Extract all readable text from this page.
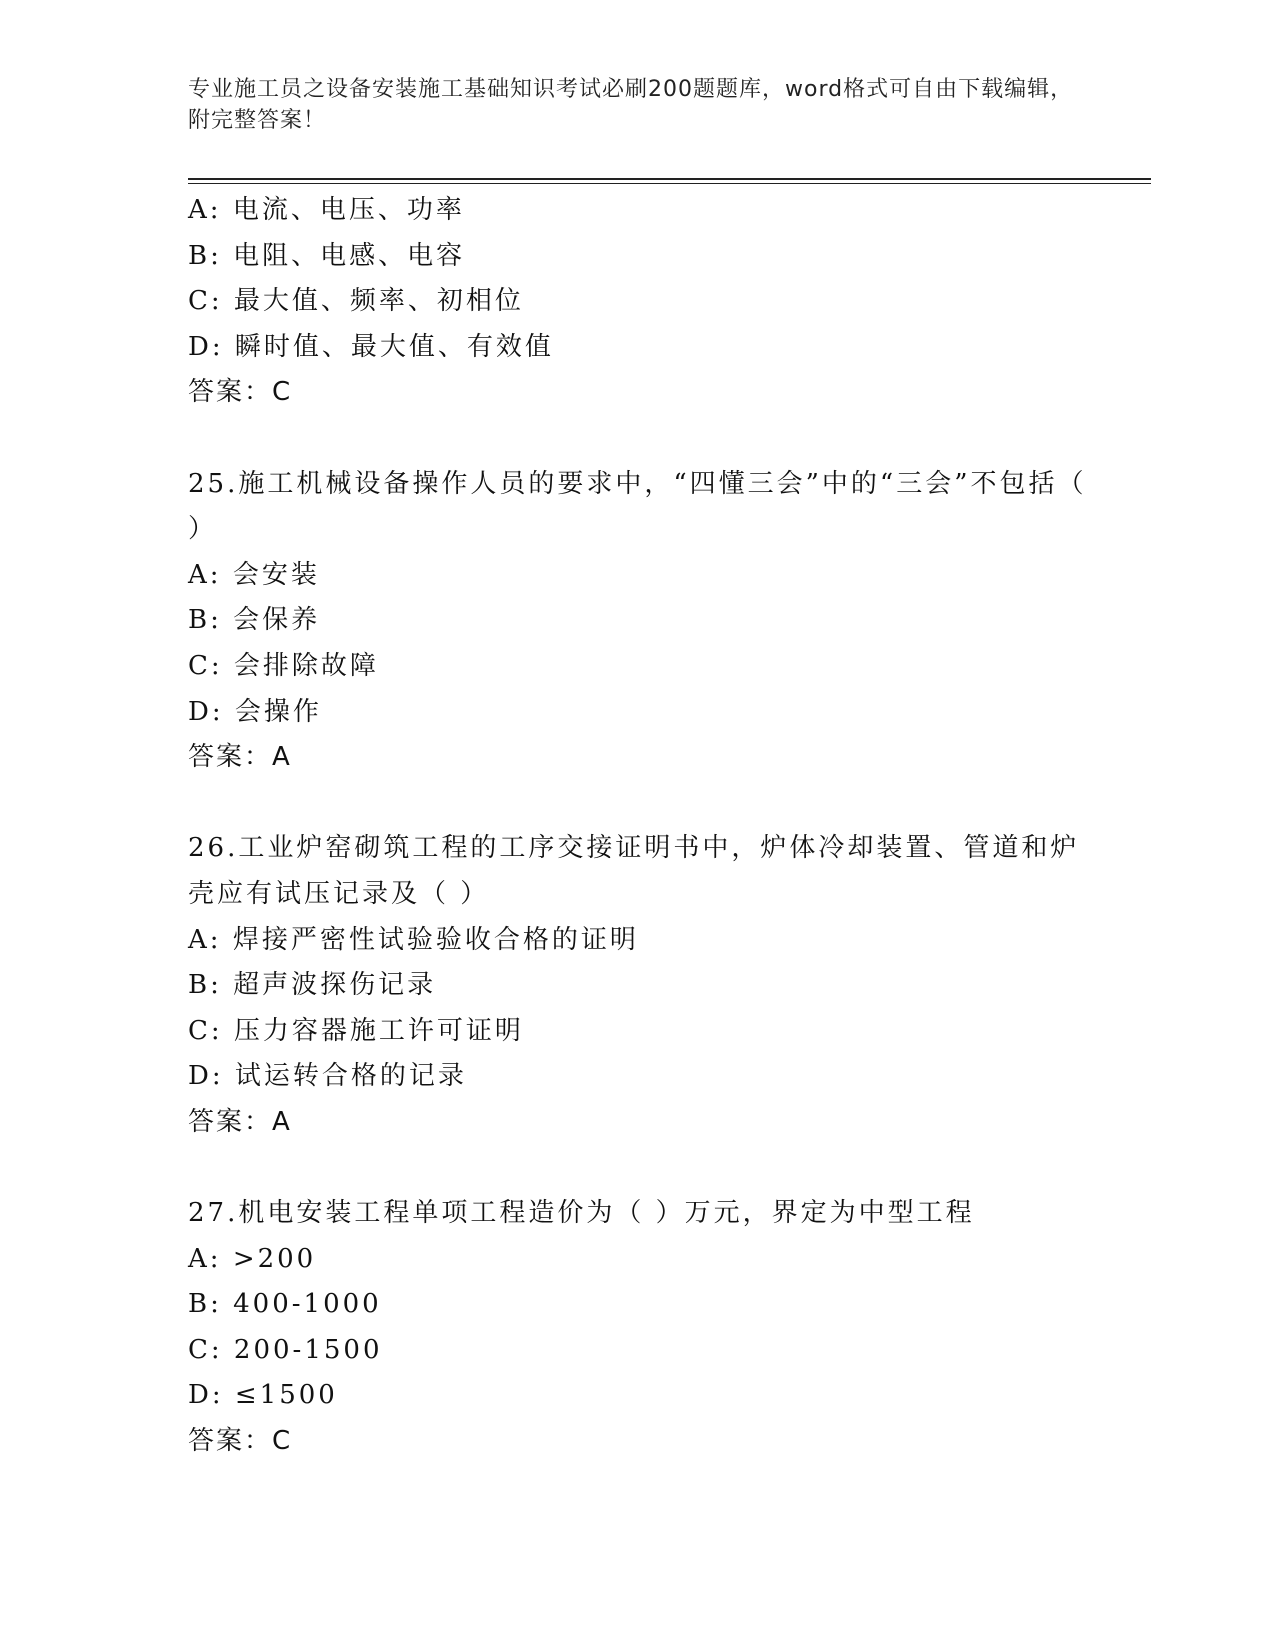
专业施工员之设备安装施工基础知识考试必刷200题题库，word格式可自由下载编辑，附完整答案！
A: 电流、电压、功率
B: 电阻、电感、电容
C: 最大值、频率、初相位
D: 瞬时值、最大值、有效值
答案：C
25.施工机械设备操作人员的要求中，“四懂三会”中的“三会”不包括（ ）
A: 会安装
B: 会保养
C: 会排除故障
D: 会操作
答案：A
26.工业炉窑砌筑工程的工序交接证明书中，炉体冷却装置、管道和炉壳应有试压记录及（ ）
A: 焊接严密性试验验收合格的证明
B: 超声波探伤记录
C: 压力容器施工许可证明
D: 试运转合格的记录
答案：A
27.机电安装工程单项工程造价为（ ）万元，界定为中型工程
A: >200
B: 400-1000
C: 200-1500
D: ≤1500
答案：C
